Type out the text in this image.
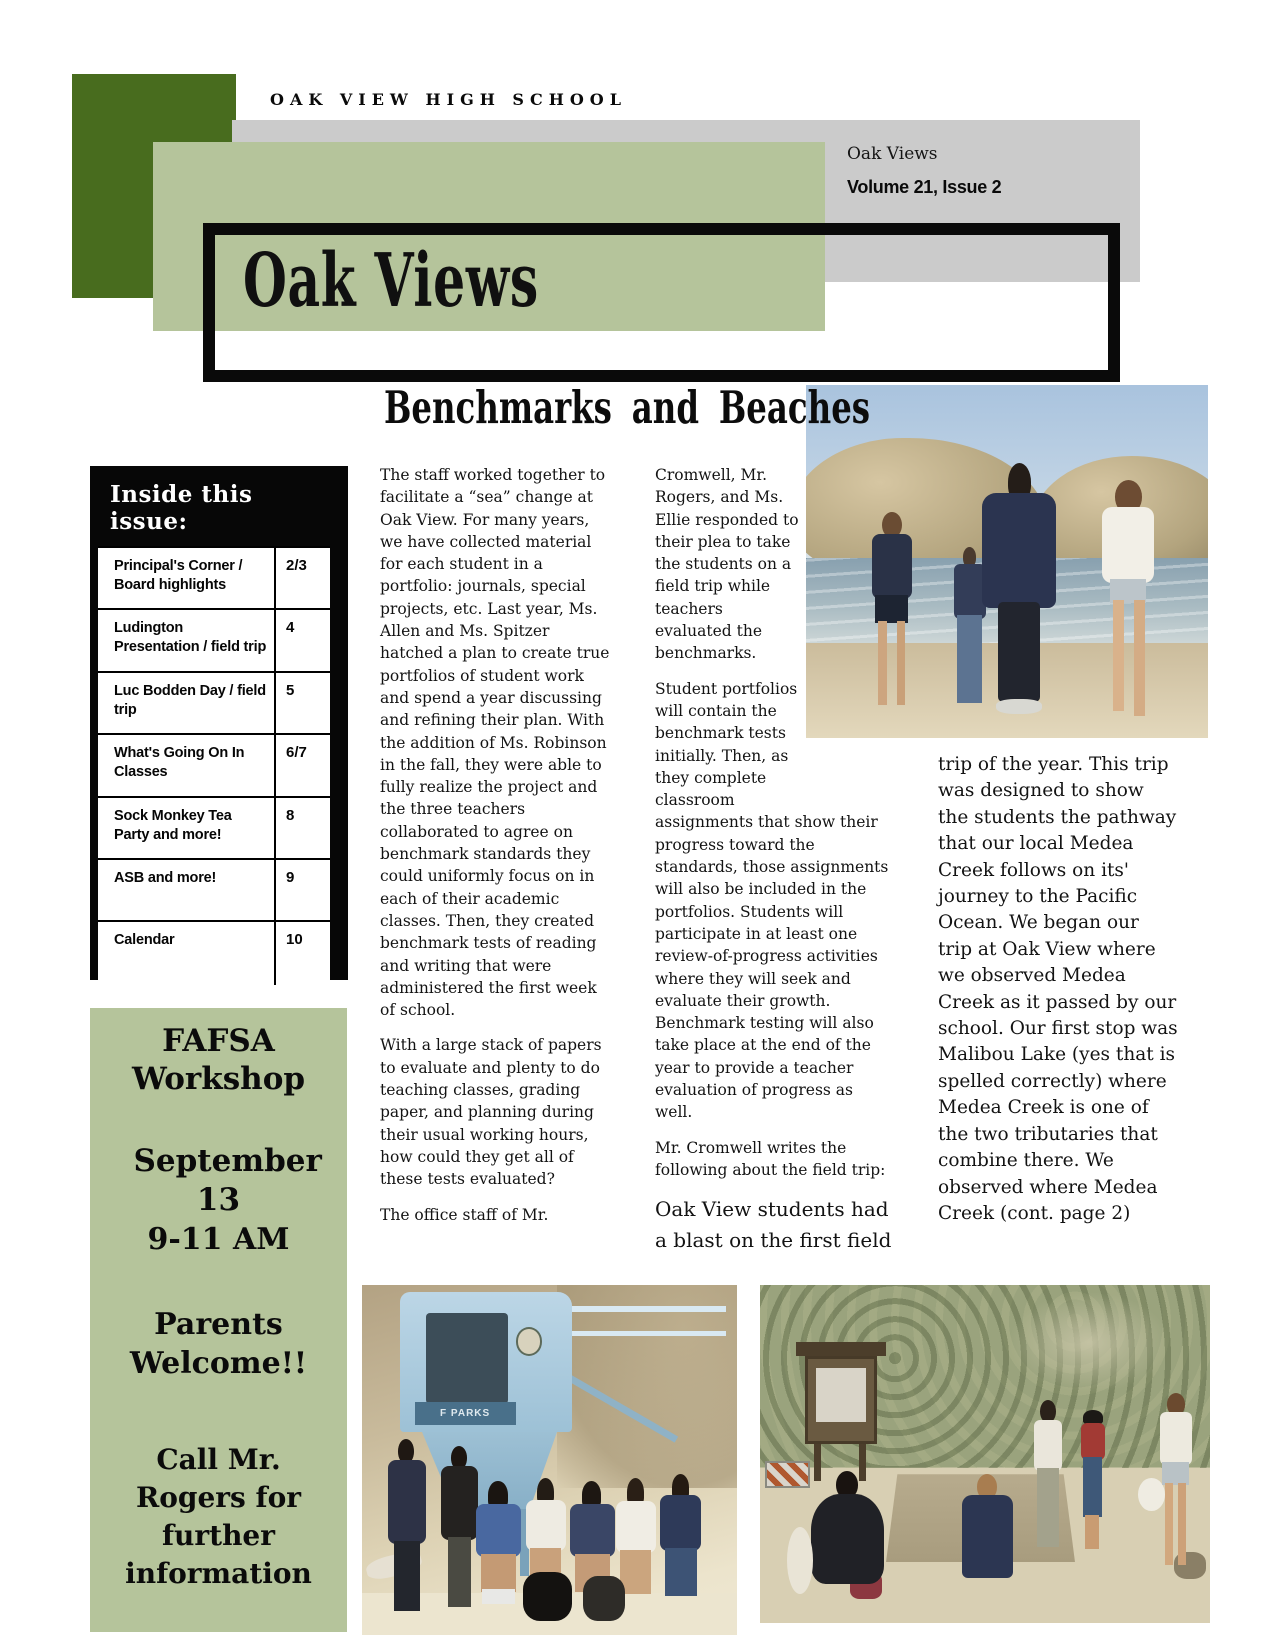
OAK VIEW HIGH SCHOOL
Oak Views
Volume 21, Issue 2
Oak Views
Benchmarks and Beaches
Inside this issue:
Principal's Corner / Board highlights
2/3
Ludington Presentation / field trip
4
Luc Bodden Day / field trip
5
What's Going On In Classes
6/7
Sock Monkey Tea Party and more!
8
ASB and more!	9
Calendar	10

The staff worked together to facilitate a “sea” change at Oak View. For many years, we have collected material for each student in a portfolio: journals, special projects, etc. Last year, Ms. Allen and Ms. Spitzer hatched a plan to create true portfolios of student work and spend a year discussing and refining their plan. With the addition of Ms. Robinson in the fall, they were able to fully realize the project and the three teachers collaborated to agree on benchmark standards they could uniformly focus on in each of their academic classes. Then, they created benchmark tests of reading and writing that were administered the first week of school.

With a large stack of papers to evaluate and plenty to do teaching classes, grading paper, and planning during their usual working hours, how could they get all of these tests evaluated?

The office staff of Mr.

Cromwell, Mr. Rogers, and Ms. Ellie responded to their plea to take the students on a field trip while teachers evaluated the benchmarks.

Student portfolios will contain the benchmark tests initially. Then, as they complete classroom assignments that show their progress toward the standards, those assignments will also be included in the portfolios. Students will participate in at least one review-of-progress activities where they will seek and evaluate their growth. Benchmark testing will also take place at the end of the year to provide a teacher evaluation of progress as well.

Mr. Cromwell writes the following about the field trip:

Oak View students had a blast on the first field

trip of the year. This trip was designed to show the students the pathway that our local Medea Creek follows on its' journey to the Pacific Ocean. We began our trip at Oak View where we observed Medea Creek as it passed by our school. Our first stop was Malibou Lake (yes that is spelled correctly) where Medea Creek is one of the two tributaries that combine there. We observed where Medea Creek (cont. page 2)

FAFSA Workshop
September 13
9-11 AM
Parents Welcome!!
Call Mr. Rogers for further information
F PARKS
